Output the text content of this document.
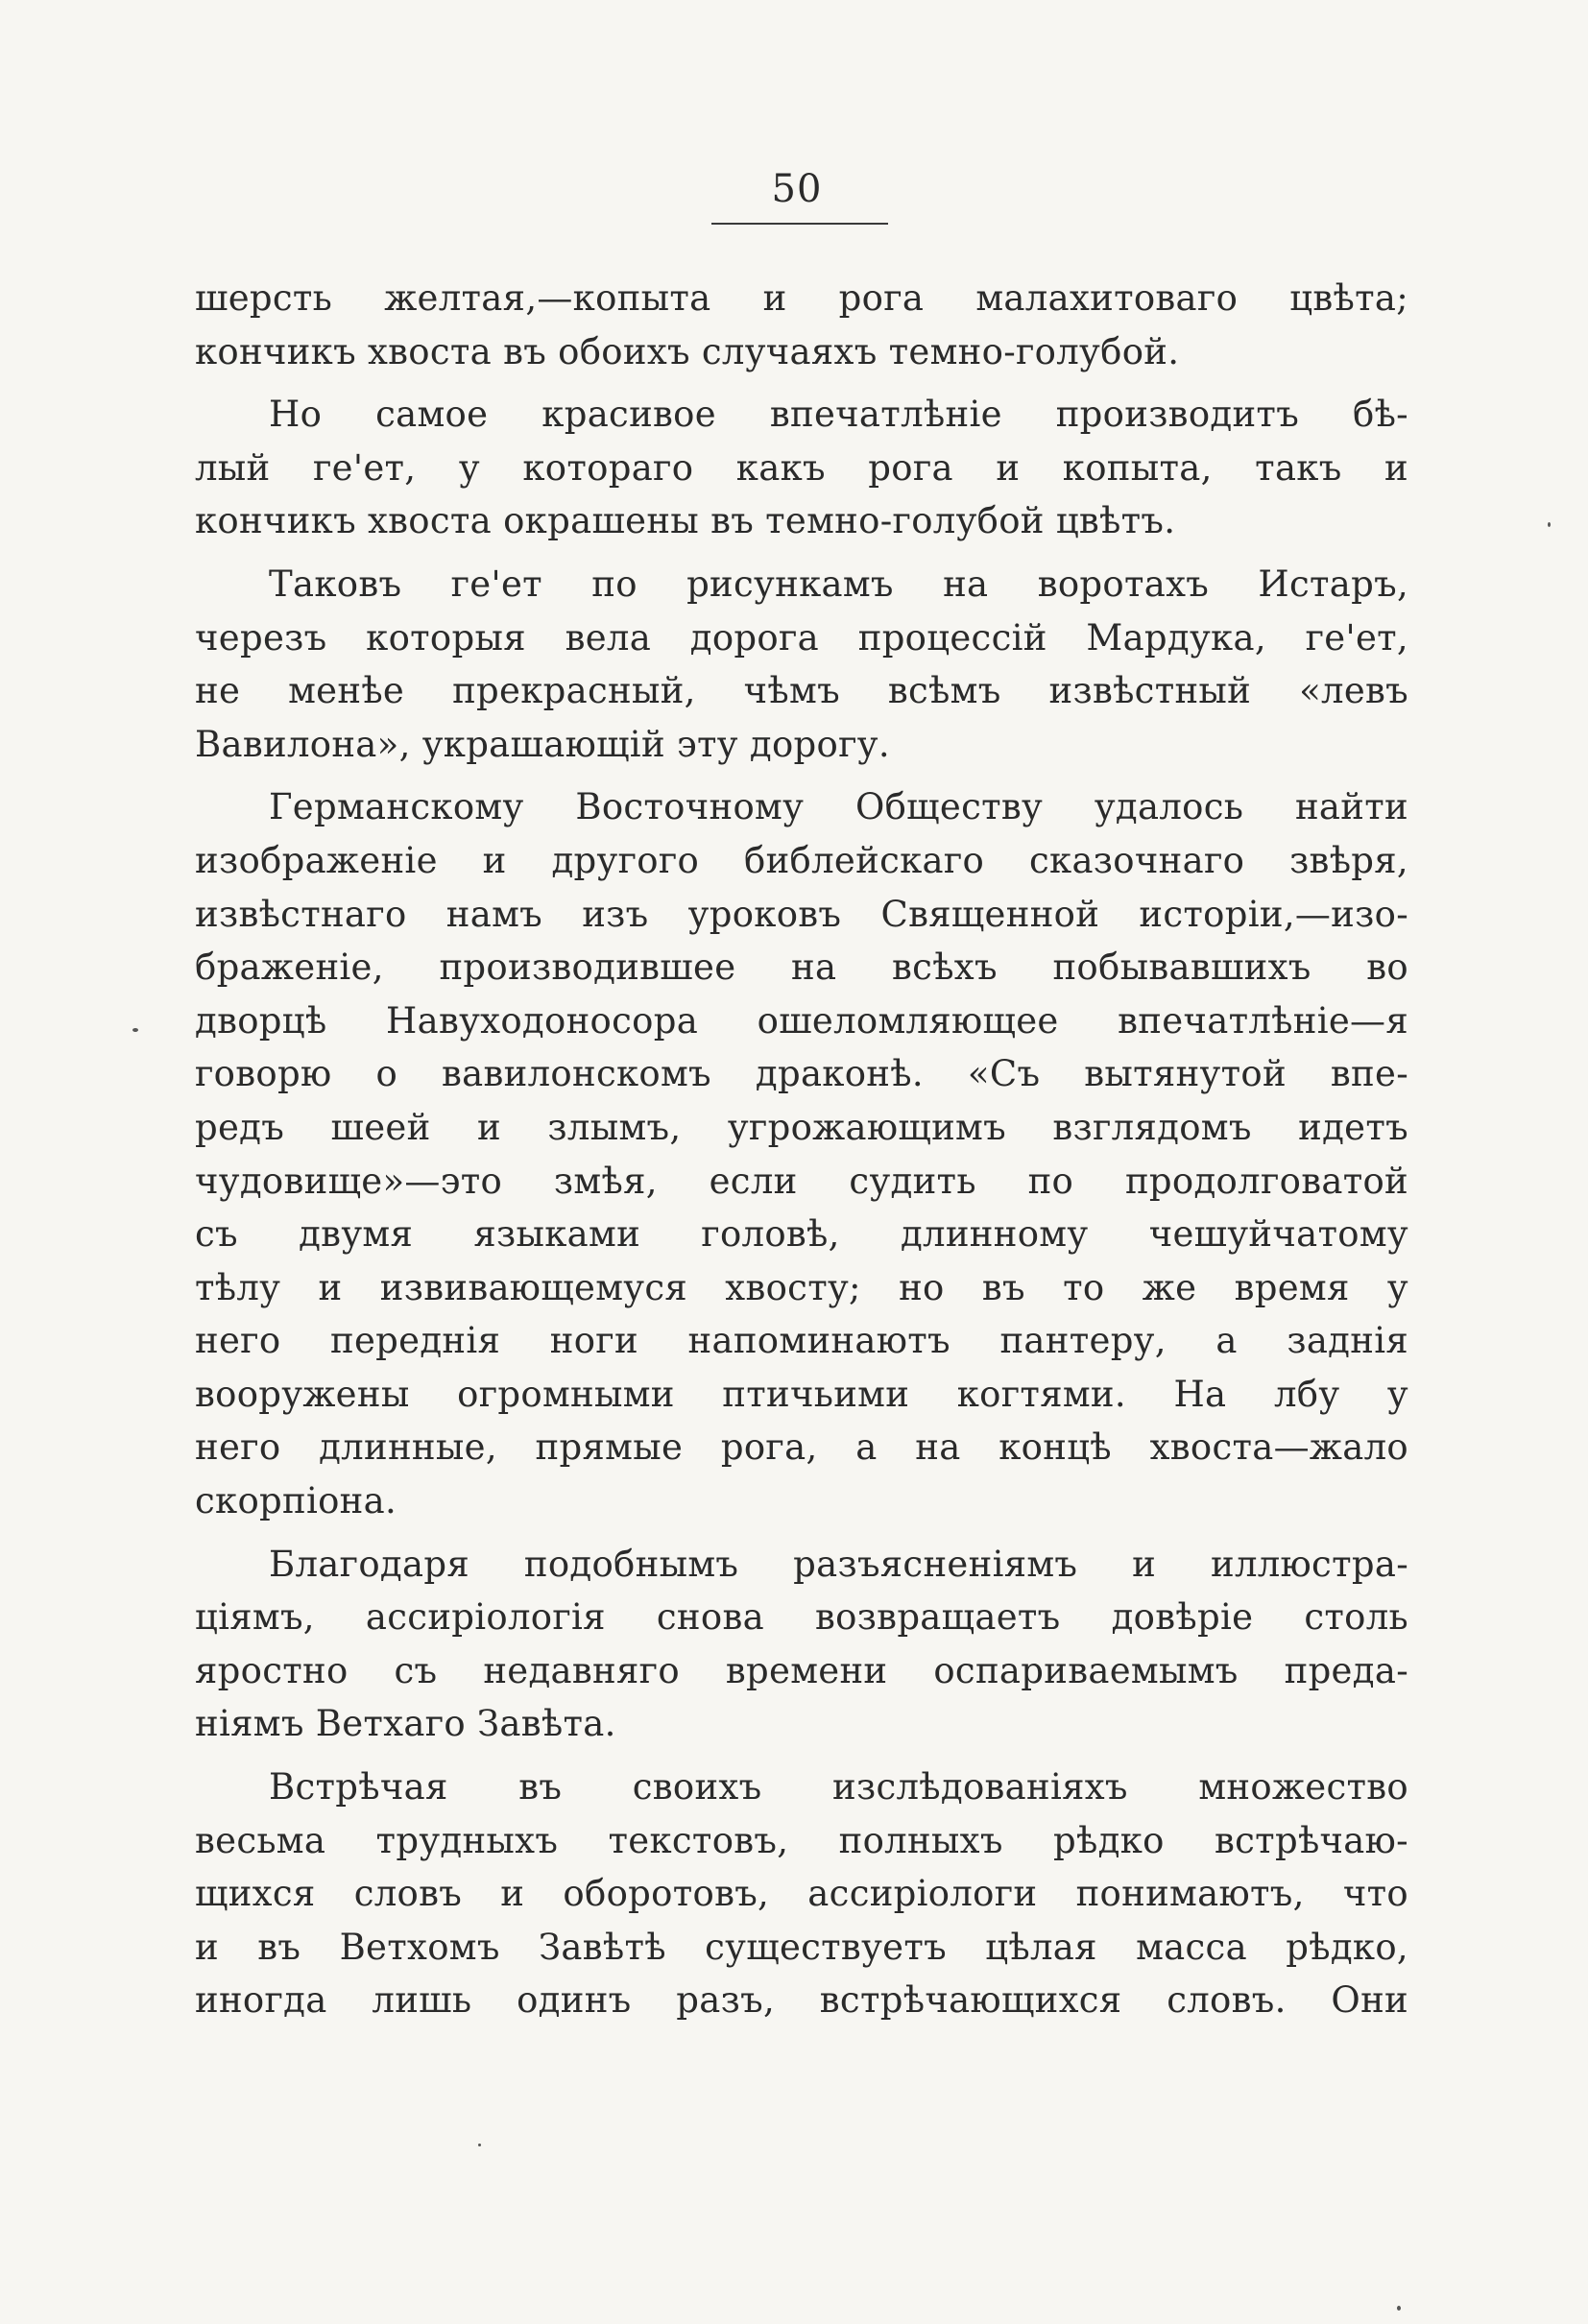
50
шерсть желтая,—копыта и рога малахитоваго цвѣта;
кончикъ хвоста въ обоихъ случаяхъ темно-голубой.
Но самое красивое впечатлѣніе производитъ бѣ-
лый ге'ет, у котораго какъ рога и копыта, такъ и
кончикъ хвоста окрашены въ темно-голубой цвѣтъ.
Таковъ ге'ет по рисункамъ на воротахъ Истаръ,
черезъ которыя вела дорога процессій Мардука, ге'ет,
не менѣе прекрасный, чѣмъ всѣмъ извѣстный «левъ
Вавилона», украшающій эту дорогу.
Германскому Восточному Обществу удалось найти
изображеніе и другого библейскаго сказочнаго звѣря,
извѣстнаго намъ изъ уроковъ Священной исторіи,—изо-
браженіе, производившее на всѣхъ побывавшихъ во
дворцѣ Навуходоносора ошеломляющее впечатлѣніе—я
говорю о вавилонскомъ драконѣ. «Съ вытянутой впе-
редъ шеей и злымъ, угрожающимъ взглядомъ идетъ
чудовище»—это змѣя, если судить по продолговатой
съ двумя языками головѣ, длинному чешуйчатому
тѣлу и извивающемуся хвосту; но въ то же время у
него переднія ноги напоминаютъ пантеру, а заднія
вооружены огромными птичьими когтями. На лбу у
него длинные, прямые рога, а на концѣ хвоста—жало
скорпіона.
Благодаря подобнымъ разъясненіямъ и иллюстра-
ціямъ, ассиріологія снова возвращаетъ довѣріе столь
яростно съ недавняго времени оспариваемымъ преда-
ніямъ Ветхаго Завѣта.
Встрѣчая въ своихъ изслѣдованіяхъ множество
весьма трудныхъ текстовъ, полныхъ рѣдко встрѣчаю-
щихся словъ и оборотовъ, ассиріологи понимаютъ, что
и въ Ветхомъ Завѣтѣ существуетъ цѣлая масса рѣдко,
иногда лишь одинъ разъ, встрѣчающихся словъ. Они
